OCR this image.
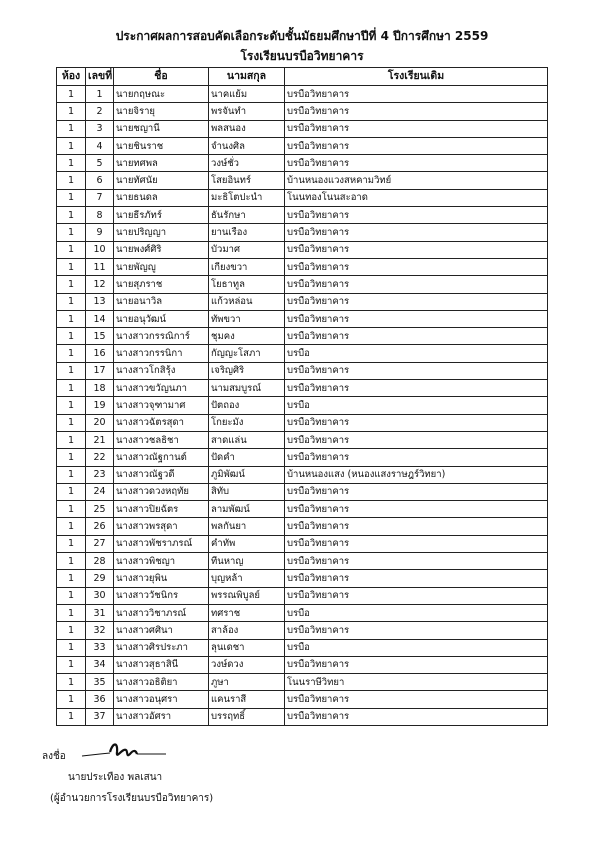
ประกาศผลการสอบคัดเลือกระดับชั้นมัธยมศึกษาปีที่ 4 ปีการศึกษา 2559
โรงเรียนบรบือวิทยาคาร
ห้อง	เลขที่	ชื่อ	นามสกุล	โรงเรียนเดิม
1	1	นายกฤษณะ	นาคแย้ม	บรบือวิทยาคาร
1	2	นายจิรายุ	พรจันทำ	บรบือวิทยาคาร
1	3	นายชญานี	พลสนอง	บรบือวิทยาคาร
1	4	นายชินราช	จำนงศิล	บรบือวิทยาคาร
1	5	นายทศพล	วงษ์ชั่ว	บรบือวิทยาคาร
1	6	นายทัศนัย	โสยอินทร์	บ้านหนองแวงสหคามวิทย์
1	7	นายธนดล	มะธิโตปะนำ	โนนทองโนนสะอาด
1	8	นายธีรภัทร์	ธันรักษา	บรบือวิทยาคาร
1	9	นายปริญญา	ยานเรือง	บรบือวิทยาคาร
1	10	นายพงศ์ศิริ	บัวมาศ	บรบือวิทยาคาร
1	11	นายพัญญู	เกียงขวา	บรบือวิทยาคาร
1	12	นายสุภราช	โยธาทูล	บรบือวิทยาคาร
1	13	นายอนาวิล	แก้วหล่อน	บรบือวิทยาคาร
1	14	นายอนุวัฒน์	ทัพขวา	บรบือวิทยาคาร
1	15	นางสาวกรรณิการ์	ชุมคง	บรบือวิทยาคาร
1	16	นางสาวกรรนิกา	กัญญะโสภา	บรบือ
1	17	นางสาวโกสิรุ้ง	เจริญศิริ	บรบือวิทยาคาร
1	18	นางสาวขวัญนภา	นามสมบูรณ์	บรบือวิทยาคาร
1	19	นางสาวจุฑามาศ	ปัตถอง	บรบือ
1	20	นางสาวฉัตรสุดา	โกยะมัง	บรบือวิทยาคาร
1	21	นางสาวชลธิชา	สาดแล่น	บรบือวิทยาคาร
1	22	นางสาวณัฐกานต์	ปัดคำ	บรบือวิทยาคาร
1	23	นางสาวณัฐวดี	ภูมิพัฒน์	บ้านหนองแสง (หนองแสงราษฎร์วิทยา)
1	24	นางสาวดวงหฤทัย	สิทับ	บรบือวิทยาคาร
1	25	นางสาวปิยฉัตร	ลามพัฒน์	บรบือวิทยาคาร
1	26	นางสาวพรสุดา	พลกันยา	บรบือวิทยาคาร
1	27	นางสาวพัชราภรณ์	คำทัพ	บรบือวิทยาคาร
1	28	นางสาวพิชญา	ทีนหาญ	บรบือวิทยาคาร
1	29	นางสาวยุพิน	บุญหล้า	บรบือวิทยาคาร
1	30	นางสาววัชนิกร	พรรณพิบูลย์	บรบือวิทยาคาร
1	31	นางสาววิชาภรณ์	ทศราช	บรบือ
1	32	นางสาวศศินา	สาล้อง	บรบือวิทยาคาร
1	33	นางสาวศิรประภา	ลุนเดชา	บรบือ
1	34	นางสาวสุธาสินี	วงษ์ดวง	บรบือวิทยาคาร
1	35	นางสาวอธิติยา	ภูษา	โนนราษีวิทยา
1	36	นางสาวอนุศรา	แคนราสี	บรบือวิทยาคาร
1	37	นางสาวอัศรา	บรรฤทธิ์	บรบือวิทยาคาร
ลงชื่อ
นายประเทือง พลเสนา
(ผู้อำนวยการโรงเรียนบรบือวิทยาคาร)
